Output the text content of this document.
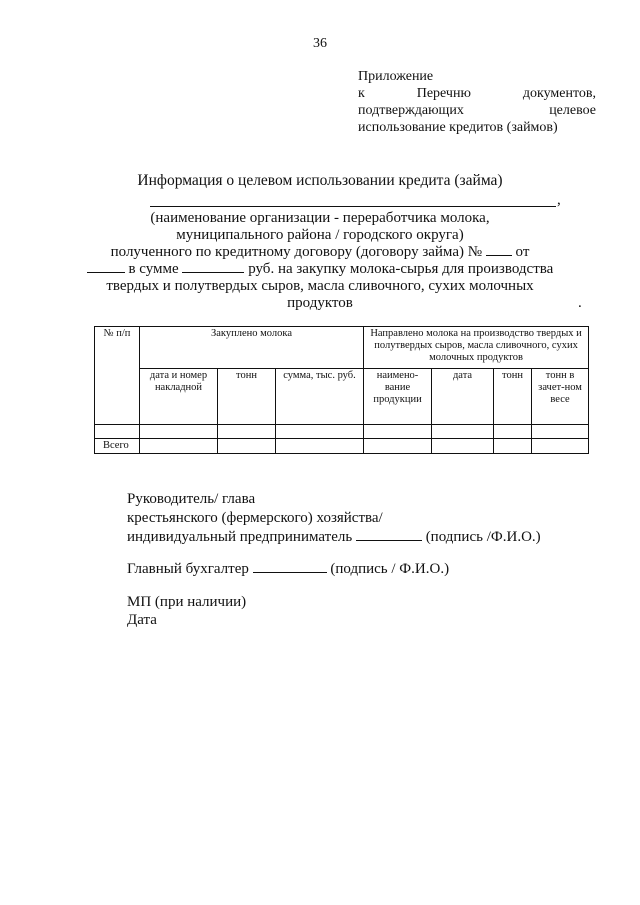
36
Приложение
к	Перечню	документов,
подтверждающих	целевое
использование кредитов (займов)
Информация о целевом использовании кредита (займа)
,
(наименование организации - переработчика молока,
муниципального района / городского округа)
полученного по кредитному договору (договору займа) № от
в сумме	руб. на закупку молока-сырья для производства
твердых и полутвердых сыров, масла сливочного, сухих молочных
продуктов	.
№ п/п	Закуплено молока			Направлено молока на производство твердых и полутвердых сыров, масла сливочного, сухих молочных продуктов			
	дата и номер накладной	тонн	сумма, тыс. руб.	наимено-вание продукции	дата	тонн	тонн в зачет-ном весе

Всего							
Руководитель/ глава
крестьянского (фермерского) хозяйства/
индивидуальный предприниматель	(подпись /Ф.И.О.)
Главный бухгалтер	(подпись / Ф.И.О.)
МП (при наличии)
Дата
